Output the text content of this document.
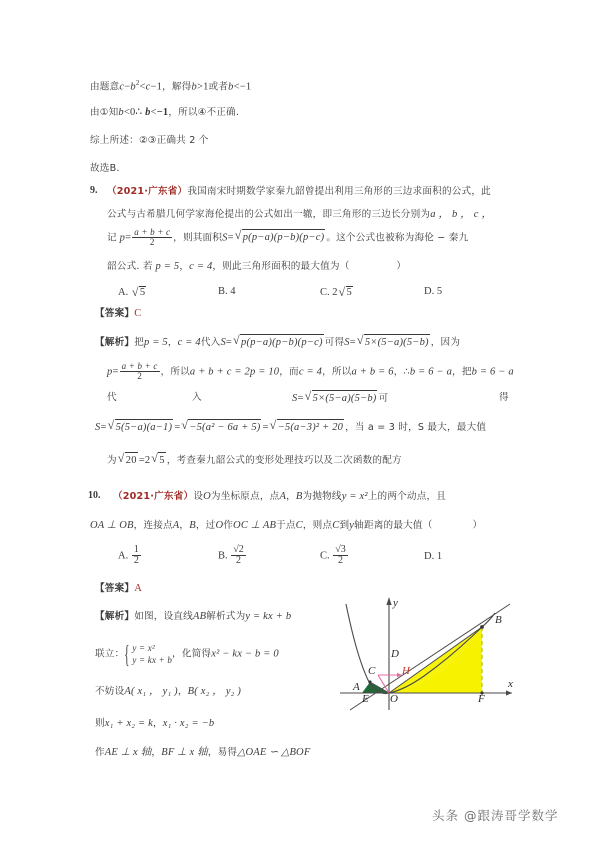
由题意$c-b^2<c-1$，解得b>1或者b<−1
由①知b<0∴ b<−1，所以④不正确.
综上所述：②③正确共 2 个
故选B.
9. （2021·广东省）我国南宋时期数学家秦九韶曾提出利用三角形的三边求面积的公式，此
公式与古希腊几何学家海伦提出的公式如出一辙，即三角形的三边长分别为a ， b ， c ，
记 $p= \frac{a + b + c}{2}$ ，则其面积S= √ p(p−a)(p−b)(p−c) 。这个公式也被称为海伦 − 秦九
韶公式. 若 p = 5，c = 4，则此三角形面积的最大值为（	）
A. √ 5	B. 4	C. 2 √ 5	D. 5
【答案】C
【解析】把p = 5，c = 4代入S= √ p(p−a)(p−b)(p−c) 可得S= √ 5×(5−a)(5−b) ，因为
$p= \frac{a + b + c}{2}$ ，所以a + b + c = 2p = 10，而c = 4，所以a + b = 6，∴b = 6 − a，把b = 6 − a
代	入	S= √ 5×(5−a)(5−b) 可	得
S= √ 5(5−a)(a−1) = √ −5(a² − 6a + 5) = √ −5(a−3)² + 20 ，当 a = 3 时，S 最大，最大值
为 √ 20 =2 √ 5 ，考查秦九韶公式的变形处理技巧以及二次函数的配方
10. （2021·广东省）设O为坐标原点，点A，B为抛物线y = x²上的两个动点，且
OA ⊥ OB，连接点A，B，过O作OC ⊥ AB于点C，则点C到y轴距离的最大值（	）
A. $\frac{1}{2}$	B. $\frac{√2}{2}$	C. $\frac{√3}{2}$	D. 1
【答案】A
【解析】如图，设直线AB解析式为y = kx + b
联立：
{ y = x²
y = kx + b
，化简得x² − kx − b = 0
不妨设A( x₁ ， y₁ )，B( x₂ ， y₂ )
则x₁ + x₂ = k，x₁ · x₂ = −b
作AE ⊥ x 轴，BF ⊥ x 轴，易得△OAE ∽ △BOF
B
A
C
D
E O	F
H
x
y
头条 @跟涛哥学数学
